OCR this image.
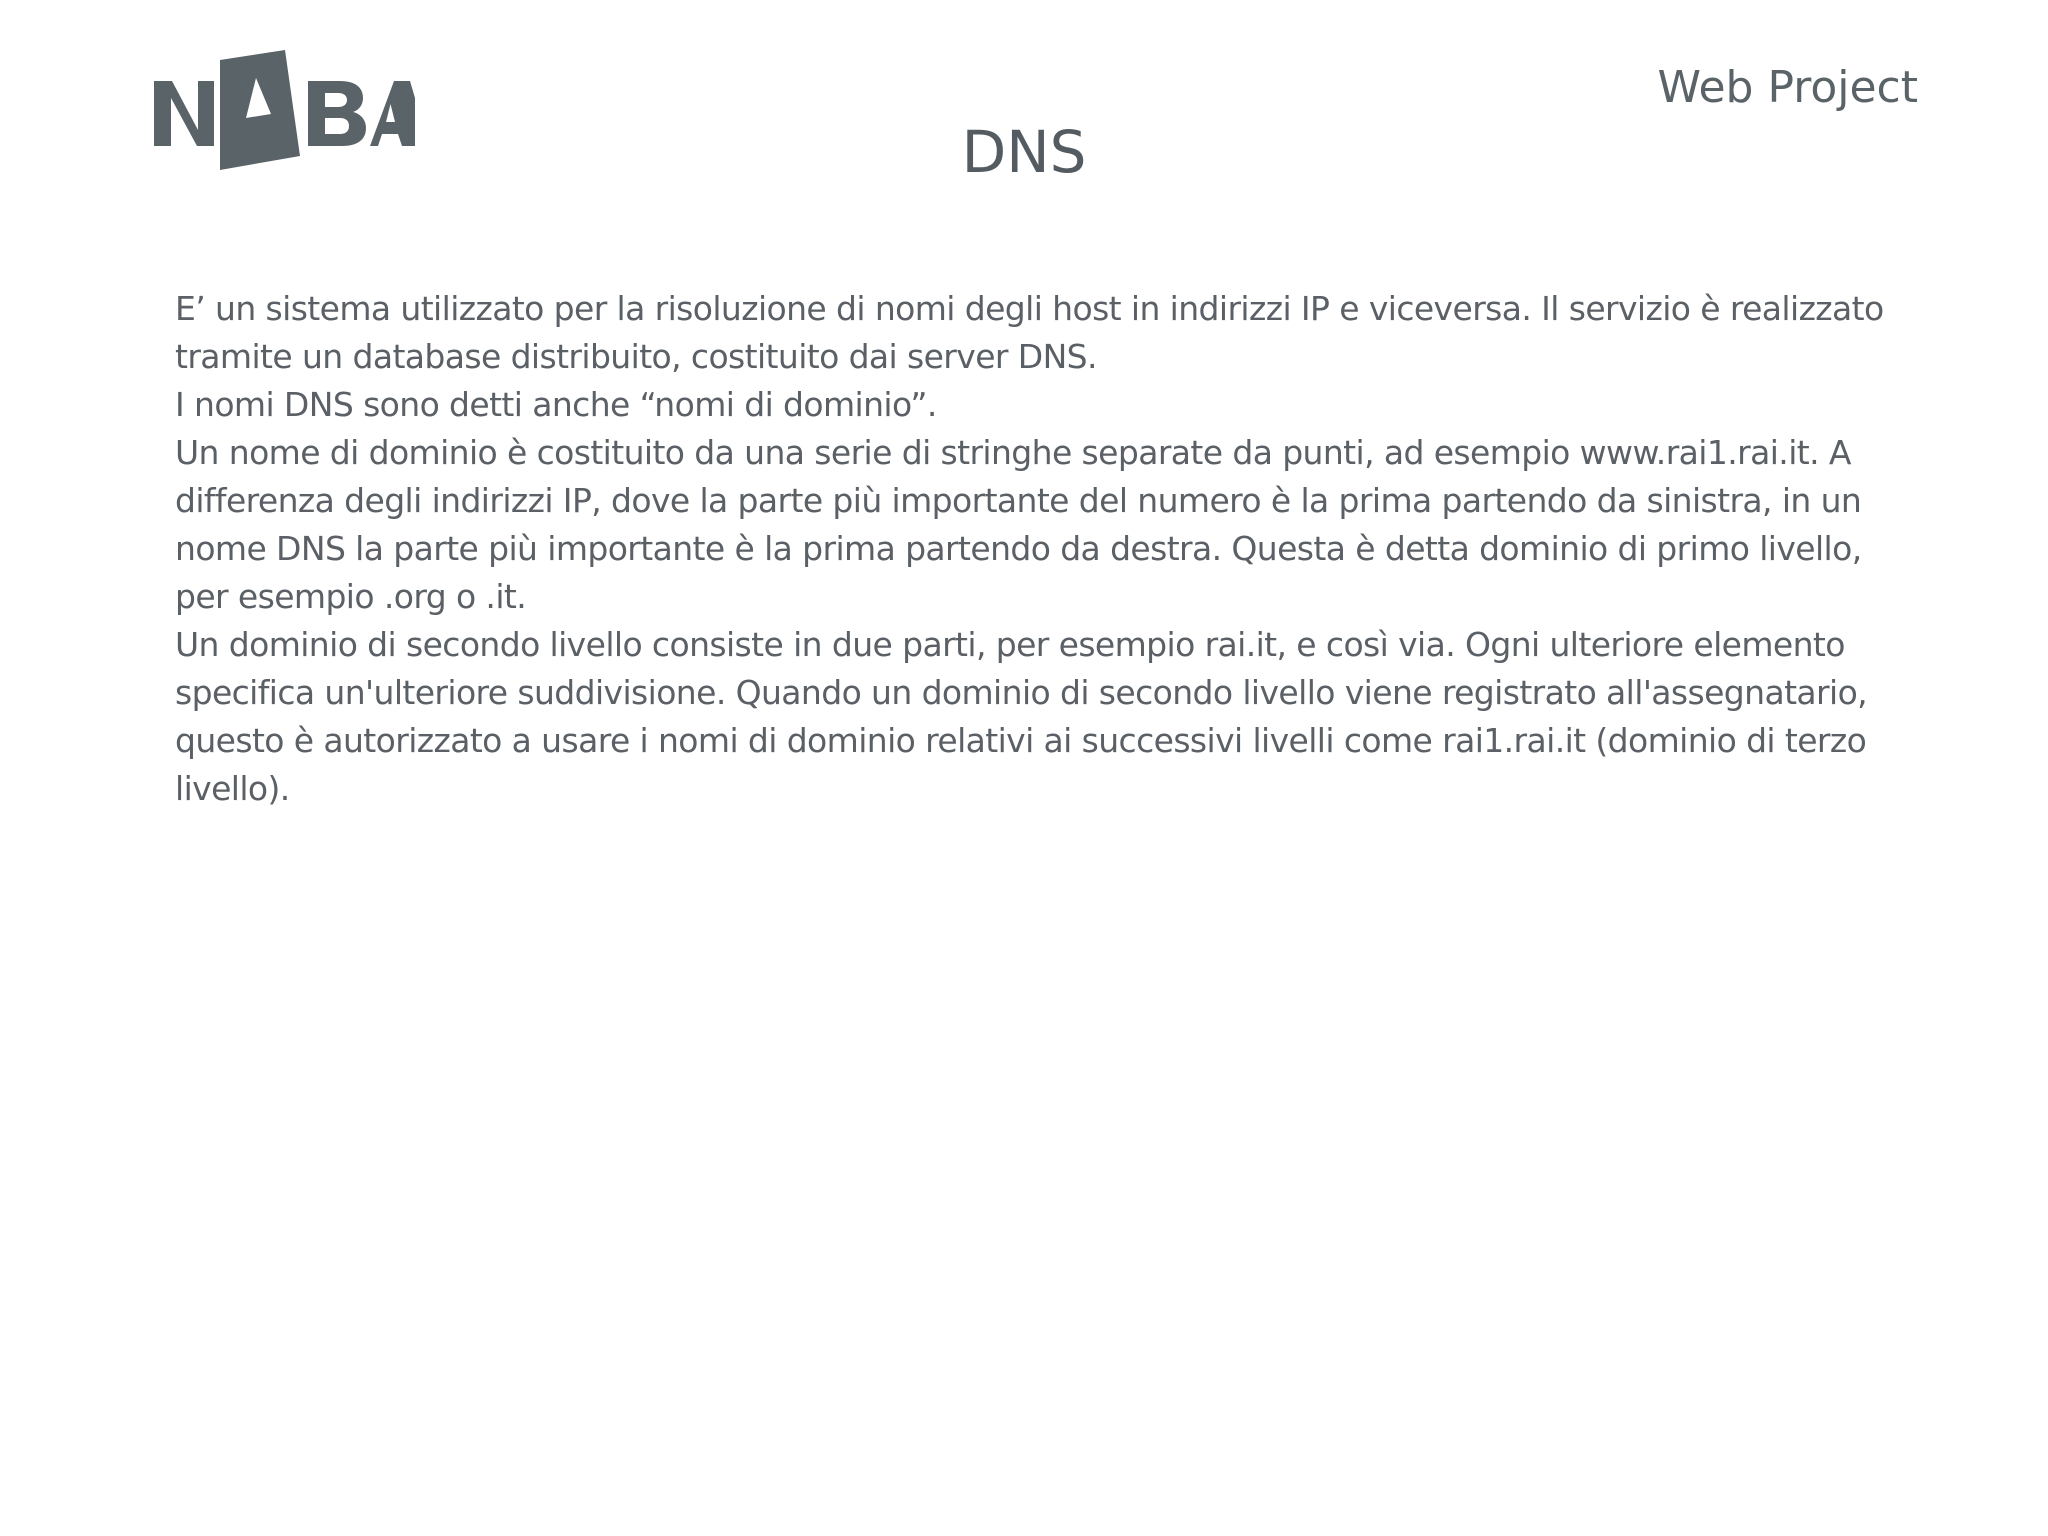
Web Project
DNS

E’ un sistema utilizzato per la risoluzione di nomi degli host in indirizzi IP e viceversa. Il servizio è realizzato tramite un database distribuito, costituito dai server DNS.

I nomi DNS sono detti anche “nomi di dominio”.

Un nome di dominio è costituito da una serie di stringhe separate da punti, ad esempio www.rai1.rai.it. A differenza degli indirizzi IP, dove la parte più importante del numero è la prima partendo da sinistra, in un nome DNS la parte più importante è la prima partendo da destra. Questa è detta dominio di primo livello, per esempio .org o .it.

Un dominio di secondo livello consiste in due parti, per esempio rai.it, e così via. Ogni ulteriore elemento specifica un'ulteriore suddivisione. Quando un dominio di secondo livello viene registrato all'assegnatario, questo è autorizzato a usare i nomi di dominio relativi ai successivi livelli come rai1.rai.it (dominio di terzo livello).
